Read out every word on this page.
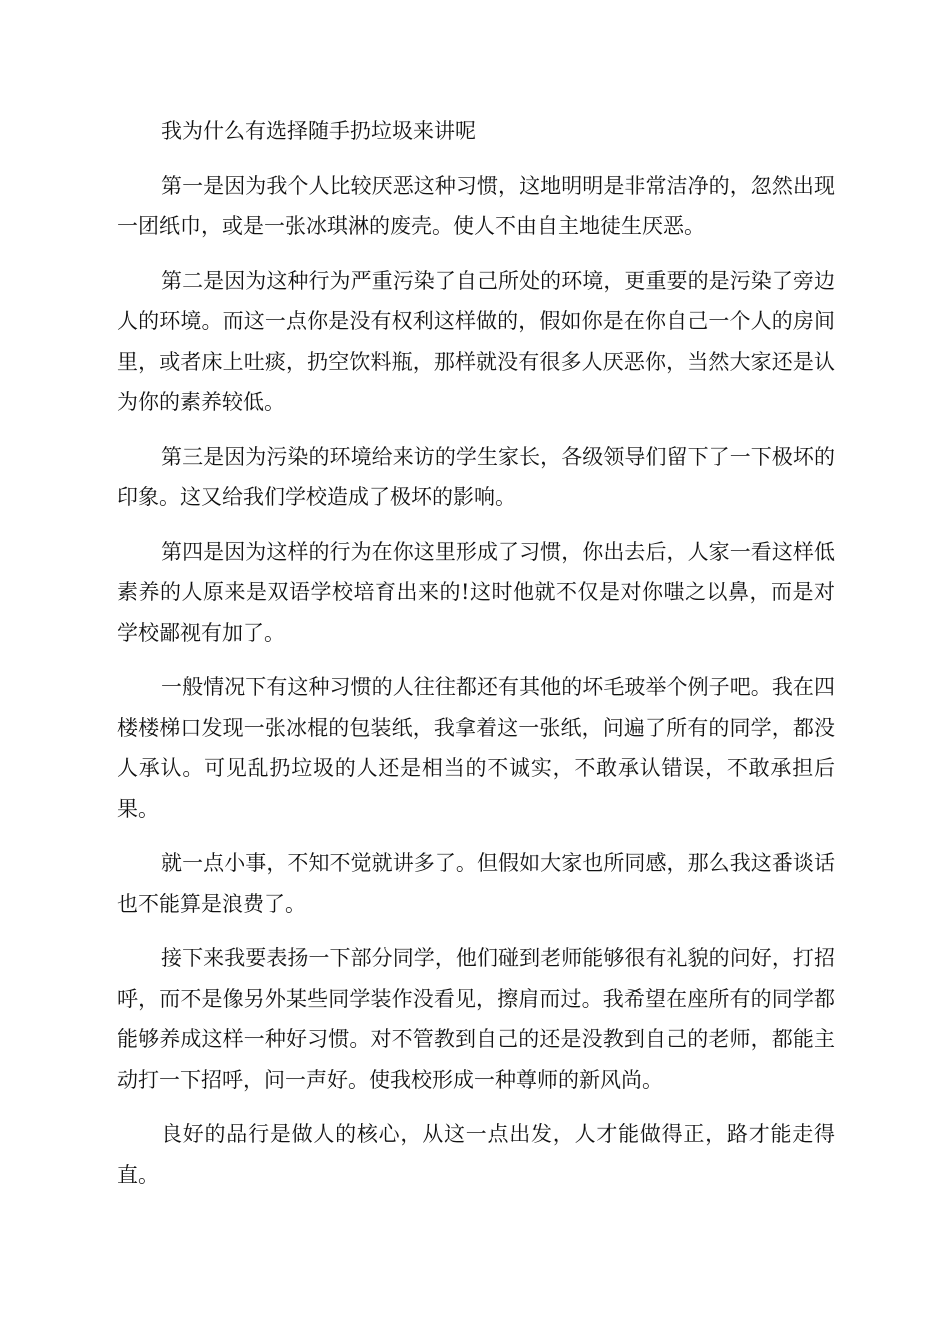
我为什么有选择随手扔垃圾来讲呢

第一是因为我个人比较厌恶这种习惯，这地明明是非常洁净的，忽然出现一团纸巾，或是一张冰琪淋的废壳。使人不由自主地徒生厌恶。

第二是因为这种行为严重污染了自己所处的环境，更重要的是污染了旁边人的环境。而这一点你是没有权利这样做的，假如你是在你自己一个人的房间里，或者床上吐痰，扔空饮料瓶，那样就没有很多人厌恶你，当然大家还是认为你的素养较低。

第三是因为污染的环境给来访的学生家长，各级领导们留下了一下极坏的印象。这又给我们学校造成了极坏的影响。

第四是因为这样的行为在你这里形成了习惯，你出去后，人家一看这样低素养的人原来是双语学校培育出来的!这时他就不仅是对你嗤之以鼻，而是对学校鄙视有加了。

一般情况下有这种习惯的人往往都还有其他的坏毛玻举个例子吧。我在四楼楼梯口发现一张冰棍的包装纸，我拿着这一张纸，问遍了所有的同学，都没人承认。可见乱扔垃圾的人还是相当的不诚实，不敢承认错误，不敢承担后果。

就一点小事，不知不觉就讲多了。但假如大家也所同感，那么我这番谈话也不能算是浪费了。

接下来我要表扬一下部分同学，他们碰到老师能够很有礼貌的问好，打招呼，而不是像另外某些同学装作没看见，擦肩而过。我希望在座所有的同学都能够养成这样一种好习惯。对不管教到自己的还是没教到自己的老师，都能主动打一下招呼，问一声好。使我校形成一种尊师的新风尚。

良好的品行是做人的核心，从这一点出发，人才能做得正，路才能走得直。
